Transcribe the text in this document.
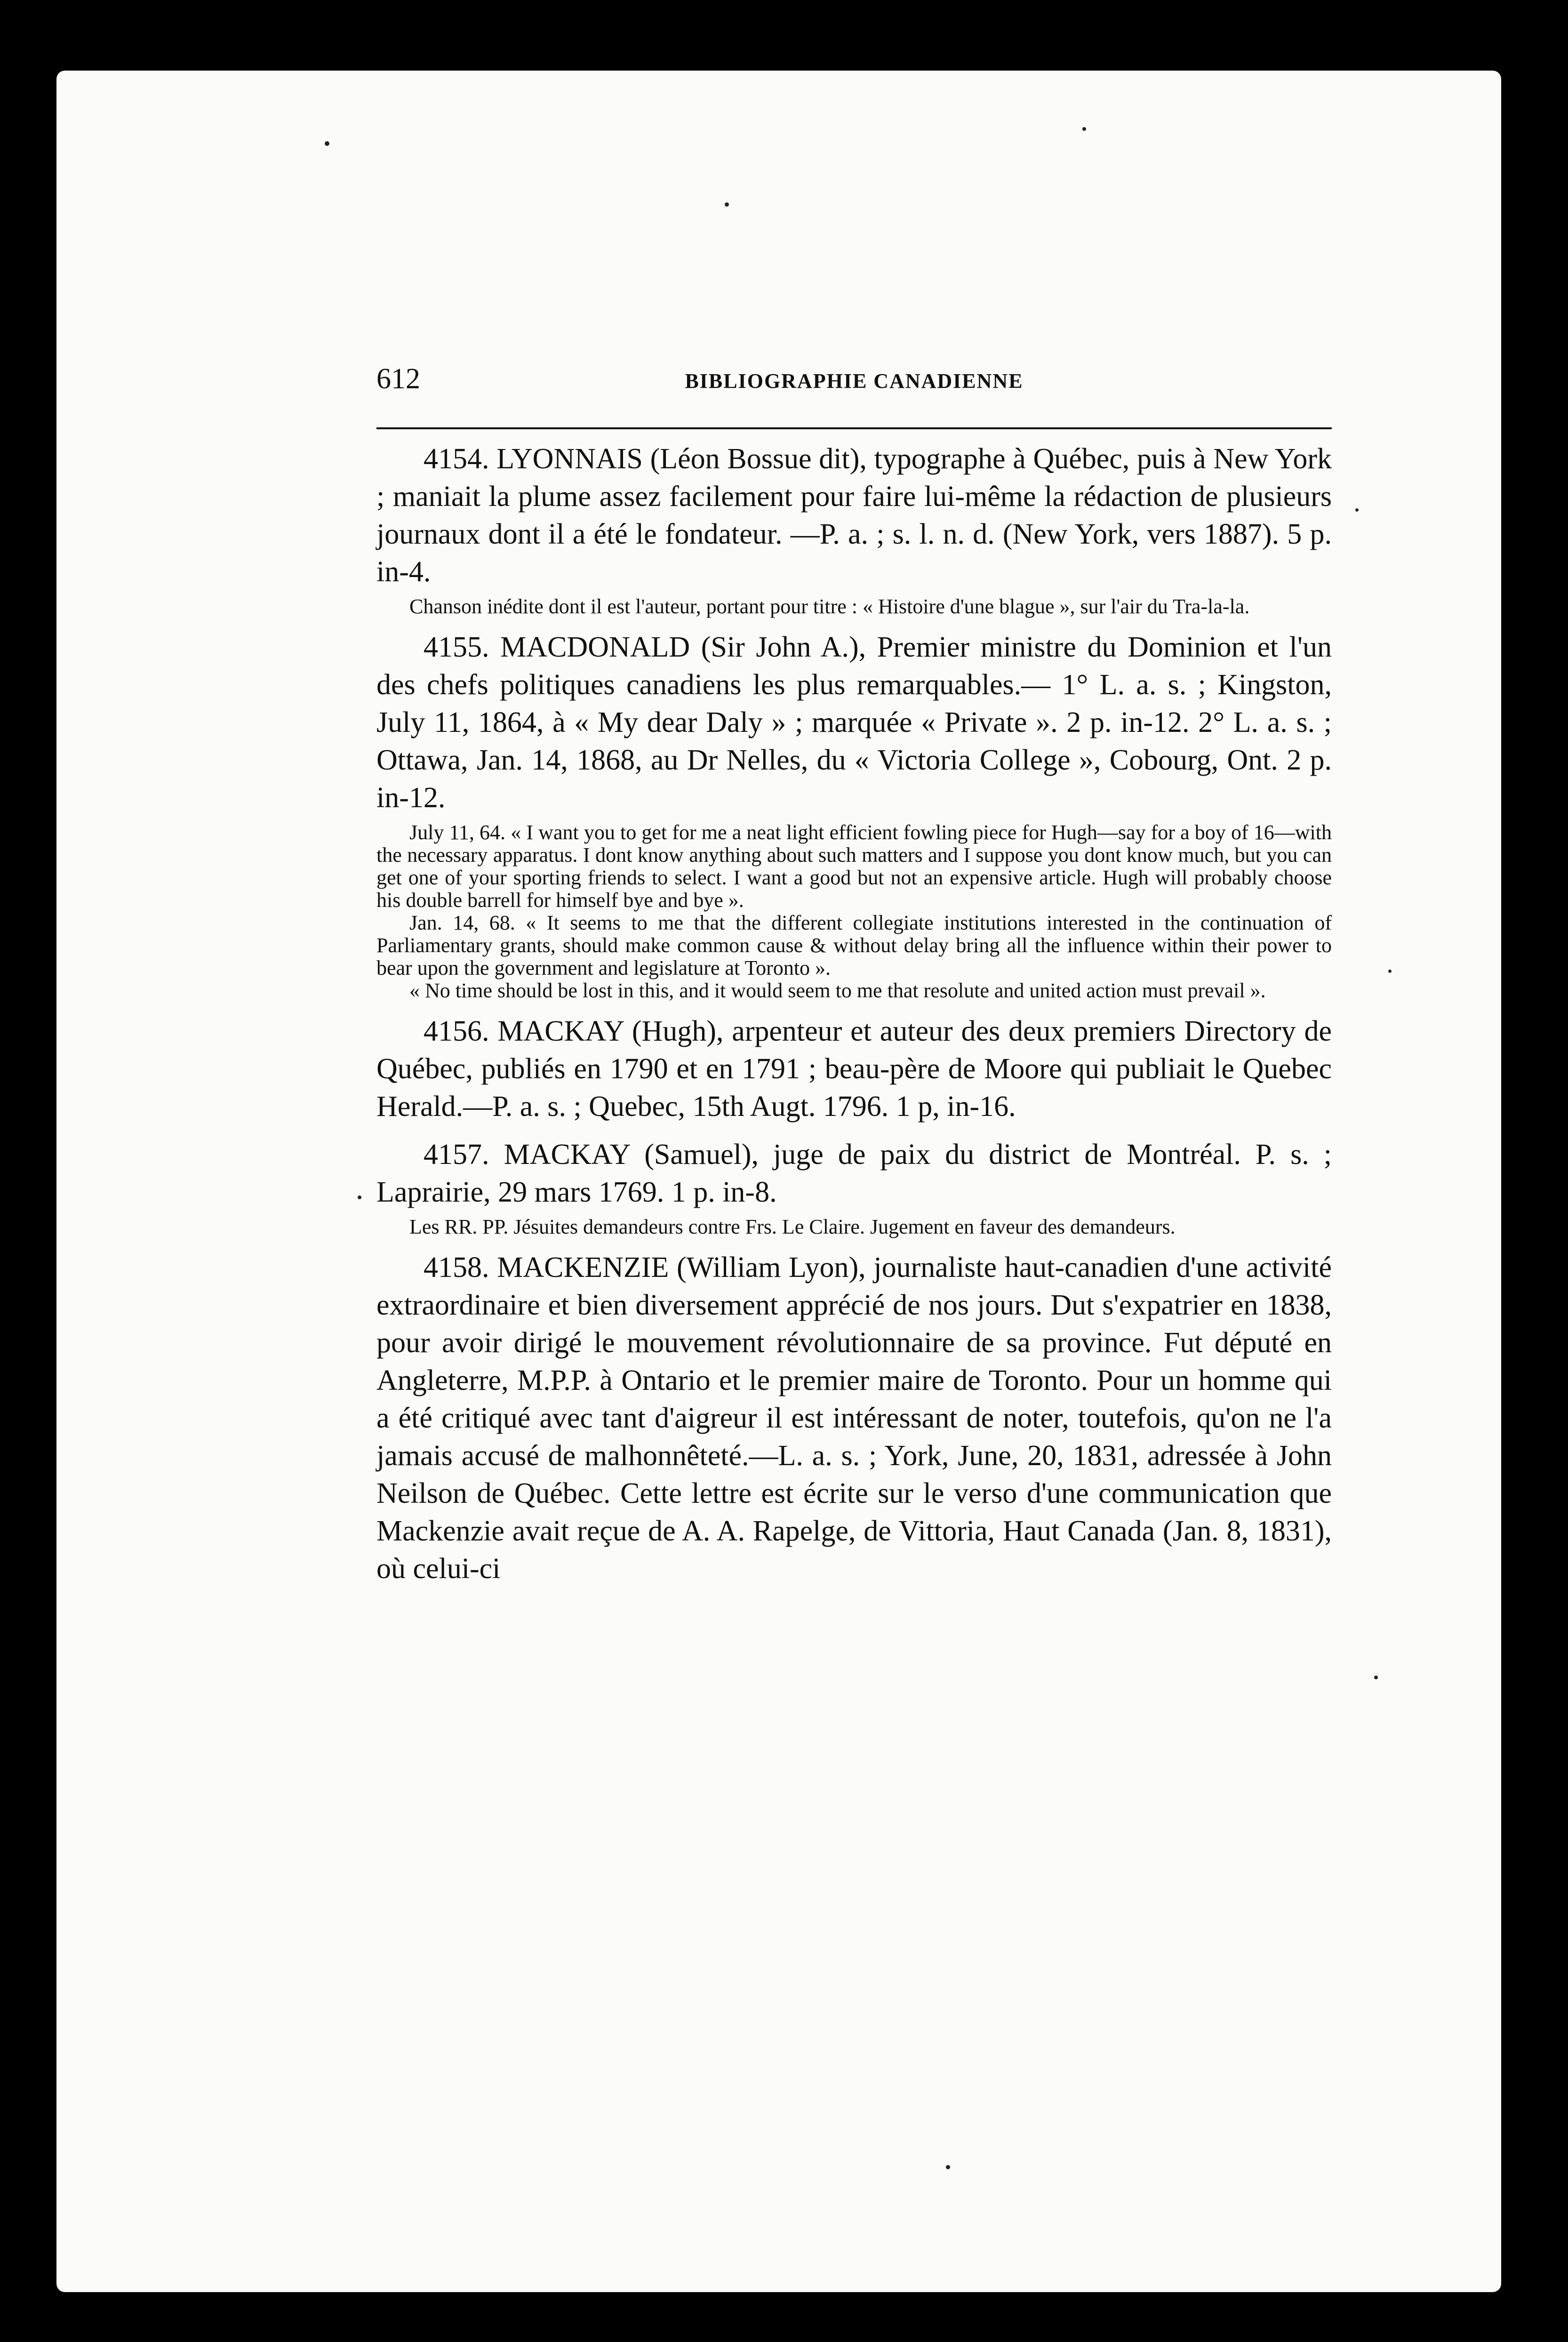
612	BIBLIOGRAPHIE CANADIENNE

4154. LYONNAIS (Léon Bossue dit), typographe à Québec, puis à New York ; maniait la plume assez facilement pour faire lui-même la rédaction de plusieurs journaux dont il a été le fondateur. —P. a. ; s. l. n. d. (New York, vers 1887). 5 p. in-4.

Chanson inédite dont il est l'auteur, portant pour titre : « Histoire d'une blague », sur l'air du Tra-la-la.

4155. MACDONALD (Sir John A.), Premier ministre du Dominion et l'un des chefs politiques canadiens les plus remarquables.— 1° L. a. s. ; Kingston, July 11, 1864, à « My dear Daly » ; marquée « Private ». 2 p. in-12. 2° L. a. s. ; Ottawa, Jan. 14, 1868, au Dr Nelles, du « Victoria College », Cobourg, Ont. 2 p. in-12.

July 11, 64. « I want you to get for me a neat light efficient fowling piece for Hugh—say for a boy of 16—with the necessary apparatus. I dont know anything about such matters and I suppose you dont know much, but you can get one of your sporting friends to select. I want a good but not an expensive article. Hugh will probably choose his double barrell for himself bye and bye ».

Jan. 14, 68. « It seems to me that the different collegiate institutions interested in the continuation of Parliamentary grants, should make common cause & without delay bring all the influence within their power to bear upon the government and legislature at Toronto ».

« No time should be lost in this, and it would seem to me that resolute and united action must prevail ».

4156. MACKAY (Hugh), arpenteur et auteur des deux premiers Directory de Québec, publiés en 1790 et en 1791 ; beau-père de Moore qui publiait le Quebec Herald.—P. a. s. ; Quebec, 15th Augt. 1796. 1 p, in-16.

4157. MACKAY (Samuel), juge de paix du district de Montréal. P. s. ; Laprairie, 29 mars 1769. 1 p. in-8.

Les RR. PP. Jésuites demandeurs contre Frs. Le Claire. Jugement en faveur des demandeurs.

4158. MACKENZIE (William Lyon), journaliste haut-canadien d'une activité extraordinaire et bien diversement apprécié de nos jours. Dut s'expatrier en 1838, pour avoir dirigé le mouvement révolutionnaire de sa province. Fut député en Angleterre, M.P.P. à Ontario et le premier maire de Toronto. Pour un homme qui a été critiqué avec tant d'aigreur il est intéressant de noter, toutefois, qu'on ne l'a jamais accusé de malhonnêteté.—L. a. s. ; York, June, 20, 1831, adressée à John Neilson de Québec. Cette lettre est écrite sur le verso d'une communication que Mackenzie avait reçue de A. A. Rapelge, de Vittoria, Haut Canada (Jan. 8, 1831), où celui-ci
